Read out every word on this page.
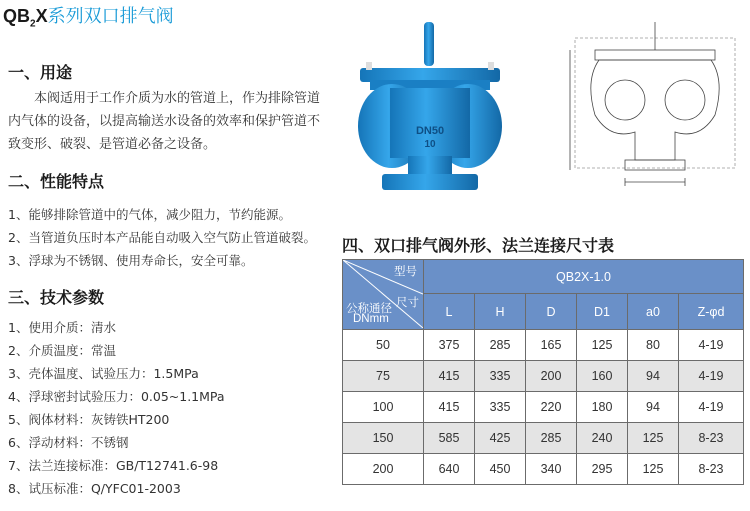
$QB_2X$系列双口排气阀
一、用途
本阀适用于工作介质为水的管道上，作为排除管道内气体的设备，以提高输送水设备的效率和保护管道不致变形、破裂、是管道必备之设备。
二、性能特点
1、能够排除管道中的气体，减少阻力，节约能源。
2、当管道负压时本产品能自动吸入空气防止管道破裂。
3、浮球为不锈钢、使用寿命长，安全可靠。
三、技术参数
1、使用介质：清水
2、介质温度：常温
3、壳体温度、试验压力：1.5MPa
4、浮球密封试验压力：0.05~1.1MPa
5、阀体材料：灰铸铁HT200
6、浮动材料：不锈钢
7、法兰连接标准：GB/T12741.6-98
8、试压标准：Q/YFC01-2003
DN50
10
四、双口排气阀外形、法兰连接尺寸表
型号
尺寸
公称通径
DNmm	QB2X-1.0					
	L	H	D	D1	a0	Z-φd
50	375	285	165	125	80	4-19
75	415	335	200	160	94	4-19
100	415	335	220	180	94	4-19
150	585	425	285	240	125	8-23
200	640	450	340	295	125	8-23
